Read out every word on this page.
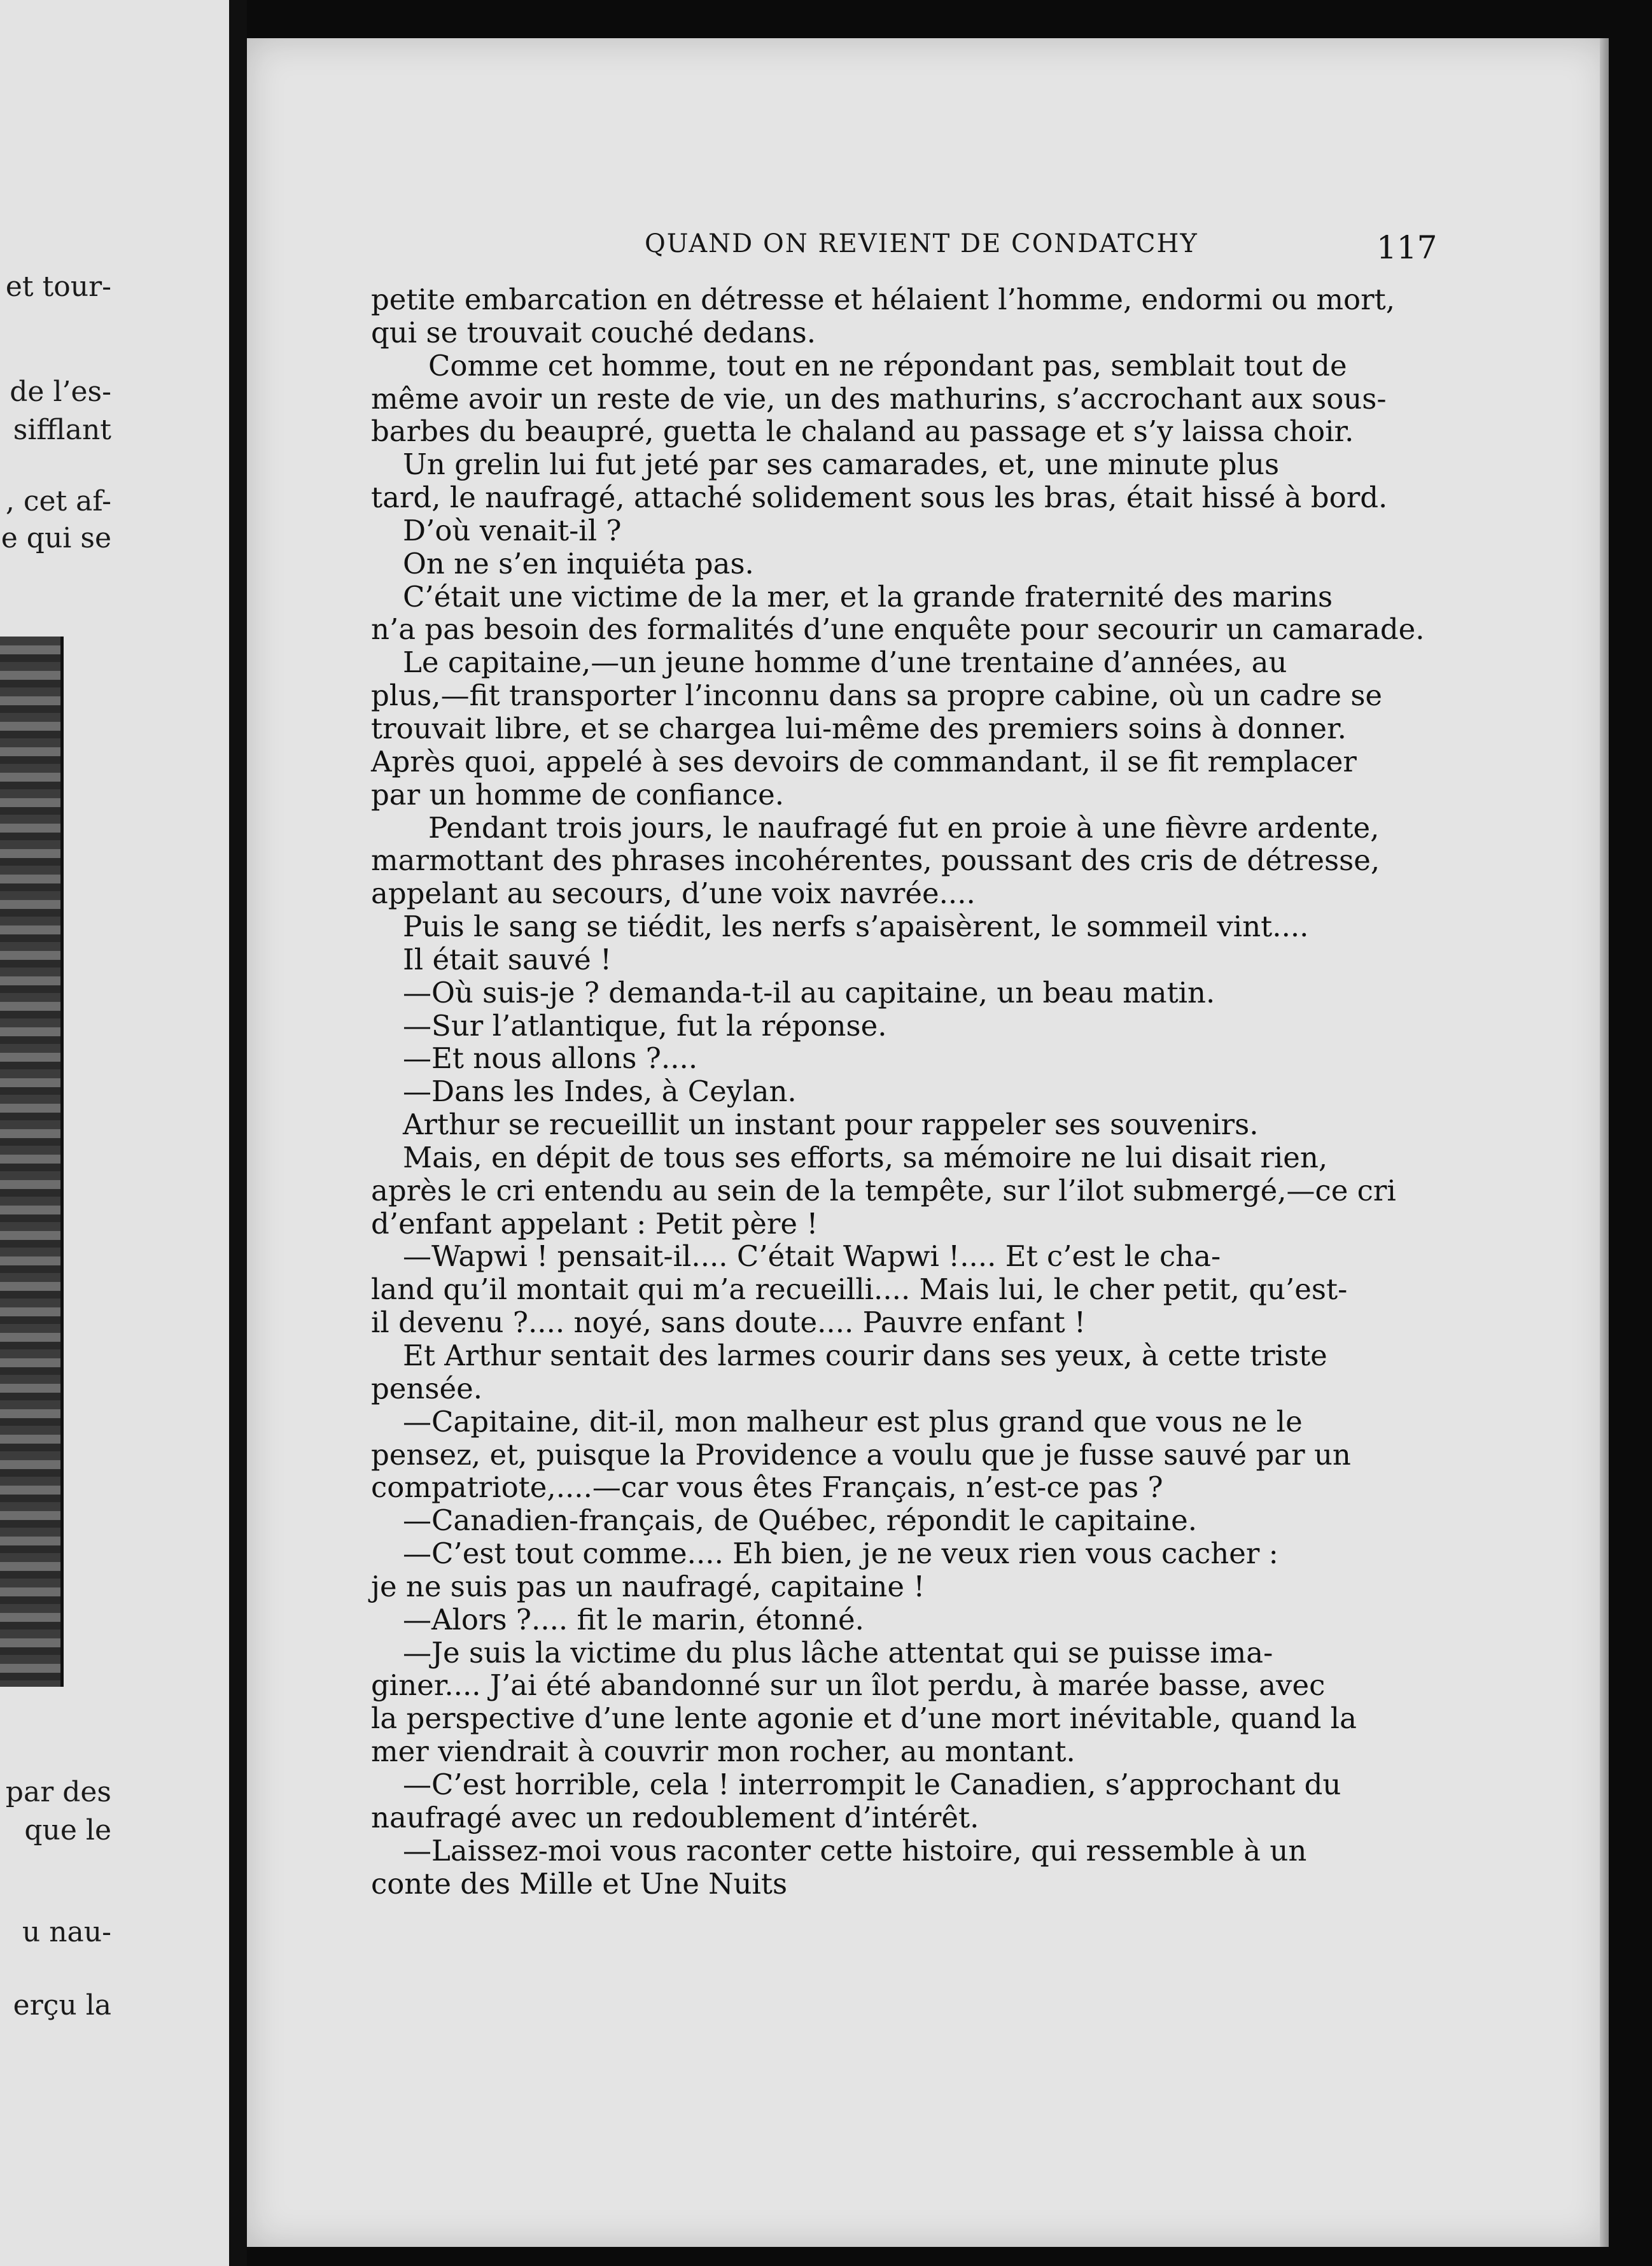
et tour-
de l’es-
sifflant
, cet af-
e qui se
par des
que le
u nau-
erçu la
QUAND ON REVIENT DE CONDATCHY	117
petite embarcation en détresse et hélaient l’homme, endormi ou mort,
qui se trouvait couché dedans.
Comme cet homme, tout en ne répondant pas, semblait tout de
même avoir un reste de vie, un des mathurins, s’accrochant aux sous-
barbes du beaupré, guetta le chaland au passage et s’y laissa choir.
Un grelin lui fut jeté par ses camarades, et, une minute plus
tard, le naufragé, attaché solidement sous les bras, était hissé à bord.
D’où venait-il ?
On ne s’en inquiéta pas.
C’était une victime de la mer, et la grande fraternité des marins
n’a pas besoin des formalités d’une enquête pour secourir un camarade.
Le capitaine,—un jeune homme d’une trentaine d’années, au
plus,—fit transporter l’inconnu dans sa propre cabine, où un cadre se
trouvait libre, et se chargea lui-même des premiers soins à donner.
Après quoi, appelé à ses devoirs de commandant, il se fit remplacer
par un homme de confiance.
Pendant trois jours, le naufragé fut en proie à une fièvre ardente,
marmottant des phrases incohérentes, poussant des cris de détresse,
appelant au secours, d’une voix navrée....
Puis le sang se tiédit, les nerfs s’apaisèrent, le sommeil vint....
Il était sauvé !
—Où suis-je ? demanda-t-il au capitaine, un beau matin.
—Sur l’atlantique, fut la réponse.
—Et nous allons ?....
—Dans les Indes, à Ceylan.
Arthur se recueillit un instant pour rappeler ses souvenirs.
Mais, en dépit de tous ses efforts, sa mémoire ne lui disait rien,
après le cri entendu au sein de la tempête, sur l’ilot submergé,—ce cri
d’enfant appelant : Petit père !
—Wapwi ! pensait-il.... C’était Wapwi !.... Et c’est le cha-
land qu’il montait qui m’a recueilli.... Mais lui, le cher petit, qu’est-
il devenu ?.... noyé, sans doute.... Pauvre enfant !
Et Arthur sentait des larmes courir dans ses yeux, à cette triste
pensée.
—Capitaine, dit-il, mon malheur est plus grand que vous ne le
pensez, et, puisque la Providence a voulu que je fusse sauvé par un
compatriote,....—car vous êtes Français, n’est-ce pas ?
—Canadien-français, de Québec, répondit le capitaine.
—C’est tout comme.... Eh bien, je ne veux rien vous cacher :
je ne suis pas un naufragé, capitaine !
—Alors ?.... fit le marin, étonné.
—Je suis la victime du plus lâche attentat qui se puisse ima-
giner.... J’ai été abandonné sur un îlot perdu, à marée basse, avec
la perspective d’une lente agonie et d’une mort inévitable, quand la
mer viendrait à couvrir mon rocher, au montant.
—C’est horrible, cela ! interrompit le Canadien, s’approchant du
naufragé avec un redoublement d’intérêt.
—Laissez-moi vous raconter cette histoire, qui ressemble à un
conte des Mille et Une Nuits
